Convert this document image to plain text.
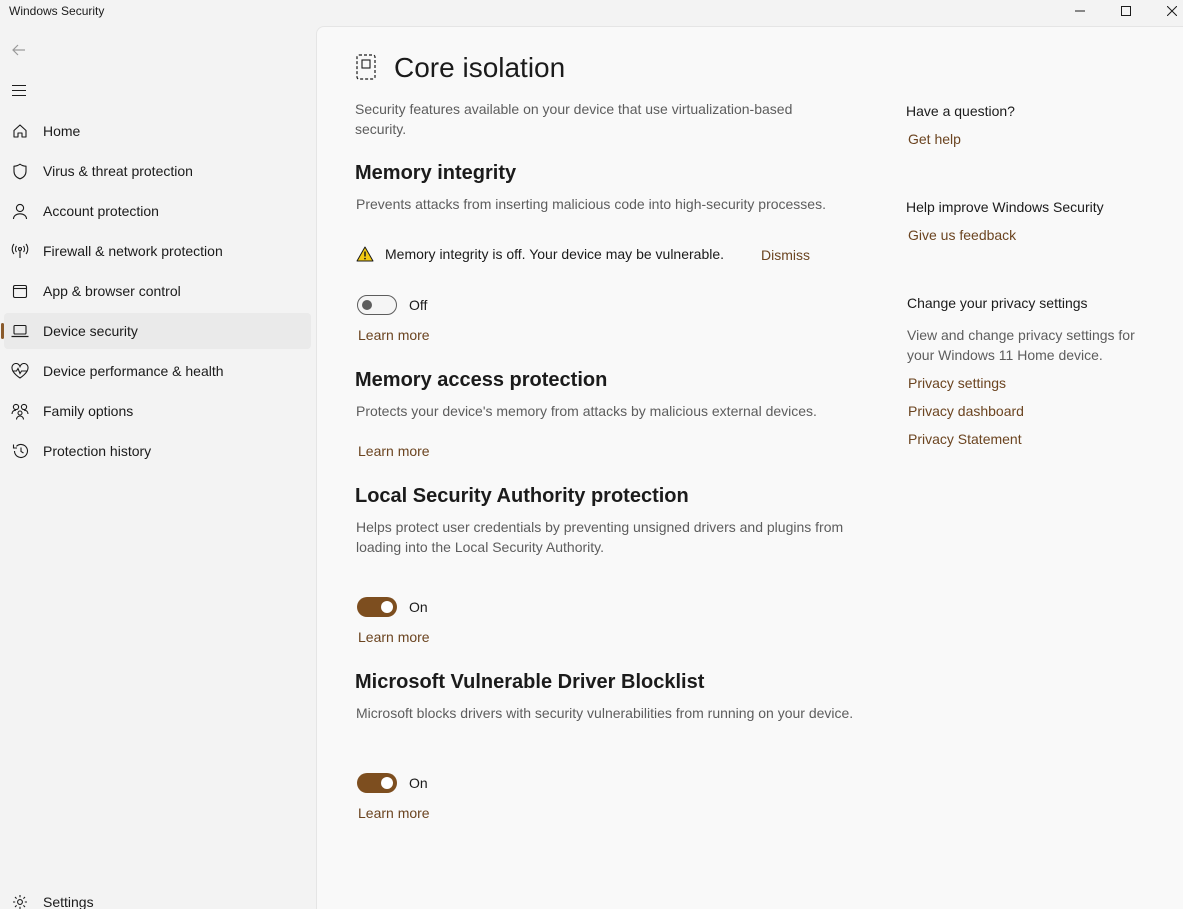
Windows Security
Home
Virus & threat protection
Account protection
Firewall & network protection
App & browser control
Device security
Device performance & health
Family options
Protection history
Settings
Core isolation

Security features available on your device that use virtualization-based security.

Memory integrity

Prevents attacks from inserting malicious code into high-security processes.

Memory integrity is off. Your device may be vulnerable.	Dismiss
Off
Learn more
Memory access protection

Protects your device's memory from attacks by malicious external devices.

Learn more
Local Security Authority protection

Helps protect user credentials by preventing unsigned drivers and plugins from loading into the Local Security Authority.

On
Learn more
Microsoft Vulnerable Driver Blocklist

Microsoft blocks drivers with security vulnerabilities from running on your device.

On
Learn more
Have a question?
Get help
Help improve Windows Security
Give us feedback
Change your privacy settings

View and change privacy settings for your Windows 11 Home device.

Privacy settings
Privacy dashboard
Privacy Statement
